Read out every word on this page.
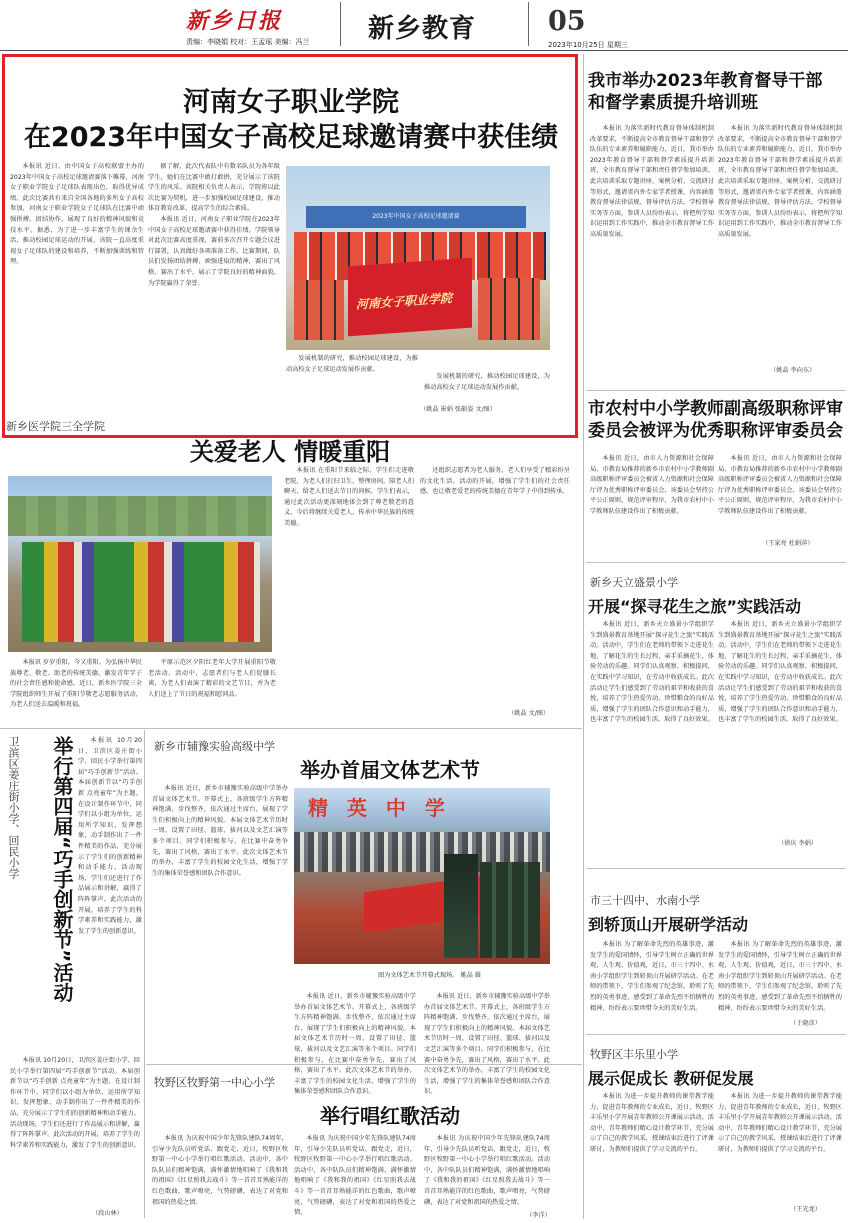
新乡日报
责编：李晓娟 校对：王孟瑶 美编：冯兰 新乡教育	05
2023年10月25日 星期三
河南女子职业学院
在2023年中国女子高校足球邀请赛中获佳绩

本报讯 近日，由中国女子高校联盟主办的2023年中国女子高校足球邀请赛落下帷幕，河南女子职业学院女子足球队表现出色，取得优异成绩。此次比赛共有来自全国各地的多所女子高校参加，河南女子职业学院女子足球队在比赛中顽强拼搏、团结协作，展现了良好的精神风貌和竞技水平。据悉，为了进一步丰富学生的课余生活，推动校园足球运动的开展，该院一直高度重视女子足球队的建设和培养，不断加强训练和管理。

据了解，此次代表队中有数名队员为各年级学生，她们在比赛中敢打敢拼，充分展示了该院学生的风采。该院相关负责人表示，学院将以此次比赛为契机，进一步加强校园足球建设，推动体育教育改革，提高学生的综合素质。

本报讯 近日，河南女子职业学院在2023年中国女子高校足球邀请赛中获得佳绩。学院领导对此次比赛高度重视，赛前多次召开专题会议进行部署，认真做好各项准备工作。比赛期间，队员们发扬团结拼搏、顽强进取的精神，赛出了风格、赛出了水平，展示了学院良好的精神面貌，为学院赢得了荣誉。

2023年中国女子高校足球邀请赛
河南女子职业学院

发展机制的研究，推动校园足球建设，为推动高校女子足球运动发展作贡献。

发展机制的研究，推动校园足球建设，为推动高校女子足球运动发展作贡献。

（姚晶 崔娟 张砺姿 文/图）
我市举办2023年教育督导干部
和督学素质提升培训班

本报讯 为落实新时代教育督导体制机制改革要求，不断提高全市教育督导干部和督学队伍的专业素养和履职能力，近日，我市举办2023年教育督导干部和督学素质提升培训班，全市教育督导干部和责任督学参加培训。此次培训采取专题讲座、案例分析、交流研讨等形式，邀请省内外专家学者授课，内容涵盖教育督导法律法规、督导评估方法、学校督导实务等方面。参训人员纷纷表示，将把所学知识运用到工作实践中，推动全市教育督导工作高质量发展。

本报讯 为落实新时代教育督导体制机制改革要求，不断提高全市教育督导干部和督学队伍的专业素养和履职能力，近日，我市举办2023年教育督导干部和督学素质提升培训班，全市教育督导干部和责任督学参加培训。此次培训采取专题讲座、案例分析、交流研讨等形式，邀请省内外专家学者授课，内容涵盖教育督导法律法规、督导评估方法、学校督导实务等方面。参训人员纷纷表示，将把所学知识运用到工作实践中，推动全市教育督导工作高质量发展。

（姚晶 李向东）
市农村中小学教师副高级职称评审
委员会被评为优秀职称评审委员会

本报讯 近日，由市人力资源和社会保障局、市教育局推荐的新乡市农村中小学教师副高级职称评审委员会被省人力资源和社会保障厅评为优秀职称评审委员会。该委员会坚持公平公正原则，规范评审程序，为我市农村中小学教师队伍建设作出了积极贡献。

本报讯 近日，由市人力资源和社会保障局、市教育局推荐的新乡市农村中小学教师副高级职称评审委员会被省人力资源和社会保障厅评为优秀职称评审委员会。该委员会坚持公平公正原则，规范评审程序，为我市农村中小学教师队伍建设作出了积极贡献。

（王家亮 杜娟萍）
新乡天立盛景小学
开展“探寻花生之旅”实践活动

本报讯 近日，新乡天立盛景小学组织学生到盛景教育基地开展“探寻花生之旅”实践活动。活动中，学生们在老师的带领下走进花生地，了解花生的生长过程，亲手采摘花生，体验劳动的乐趣。同学们认真观察、积极提问，在实践中学习知识，在劳动中收获成长。此次活动让学生们感受到了劳动的艰辛和收获的喜悦，培养了学生热爱劳动、珍惜粮食的良好品质，增强了学生的团队合作意识和动手能力，也丰富了学生的校园生活，取得了良好效果。

本报讯 近日，新乡天立盛景小学组织学生到盛景教育基地开展“探寻花生之旅”实践活动。活动中，学生们在老师的带领下走进花生地，了解花生的生长过程，亲手采摘花生，体验劳动的乐趣。同学们认真观察、积极提问，在实践中学习知识，在劳动中收获成长。此次活动让学生们感受到了劳动的艰辛和收获的喜悦，培养了学生热爱劳动、珍惜粮食的良好品质，增强了学生的团队合作意识和动手能力，也丰富了学生的校园生活，取得了良好效果。

（徐庆 李娟）
市三十四中、水南小学
到轿顶山开展研学活动

本报讯 为了解革命先烈的英雄事迹，激发学生的爱国情怀，引导学生树立正确的世界观、人生观、价值观，近日，市三十四中、水南小学组织学生到轿顶山开展研学活动。在老师的带领下，学生们参观了纪念馆，聆听了先烈的英勇事迹，感受到了革命先烈不怕牺牲的精神，纷纷表示要珍惜今天的美好生活。

本报讯 为了解革命先烈的英雄事迹，激发学生的爱国情怀，引导学生树立正确的世界观、人生观、价值观，近日，市三十四中、水南小学组织学生到轿顶山开展研学活动。在老师的带领下，学生们参观了纪念馆，聆听了先烈的英勇事迹，感受到了革命先烈不怕牺牲的精神，纷纷表示要珍惜今天的美好生活。

（于晓彦）
牧野区丰乐里小学
展示促成长 教研促发展

本报讯 为进一步提升教师的课堂教学能力，促进青年教师的专业成长，近日，牧野区丰乐里小学开展青年教师公开课展示活动。活动中，青年教师们精心设计教学环节，充分展示了自己的教学风采，授课结束后进行了评课研讨，为教师们提供了学习交流的平台。

本报讯 为进一步提升教师的课堂教学能力，促进青年教师的专业成长，近日，牧野区丰乐里小学开展青年教师公开课展示活动。活动中，青年教师们精心设计教学环节，充分展示了自己的教学风采，授课结束后进行了评课研讨，为教师们提供了学习交流的平台。

（王光龙）
新乡医学院三全学院
关爱老人 情暖重阳

本报讯 岁岁重阳，今又重阳。为弘扬中华民族尊老、敬老、助老的传统美德，激发青年学子的社会责任感和使命感，近日，新乡医学院三全学院组织师生开展了重阳节敬老志愿服务活动，为老人们送去温暖和祝福。

平原示范区夕阳红老年大学开展重阳节敬老活动。活动中，志愿者们与老人们促膝长谈，为老人们表演了精彩的文艺节目，并为老人们送上了节日的祝福和慰问品。

本报讯 在重阳节来临之际，学生们走进敬老院，为老人们打扫卫生、整理房间，陪老人们聊天，给老人们送去节日的问候。学生们表示，通过此次活动更深刻地体会到了尊老敬老的意义，今后将继续关爱老人，传承中华民族的传统美德。

还组织志愿者为老人服务，老人们享受了精彩纷呈的文化生活。活动的开展，增强了学生们的社会责任感，也让敬老爱老的传统美德在青年学子中得到传承。

（姚晶 文/图）
卫滨区姜庄街小学、回民小学	举行第四届“巧手创新节”活动	本报讯 10月20日，卫滨区姜庄街小学、回民小学举行第四届“巧手创新节”活动。本届创新节以“巧手创新 点亮童年”为主题，在设计制作环节中，同学们以小组为单位，运用所学知识，发挥想象，动手制作出了一件件精美的作品，充分展示了学生们的创新精神和动手能力。活动现场，学生们还进行了作品展示和讲解，赢得了阵阵掌声。此次活动的开展，培养了学生的科学素养和实践能力，激发了学生的创新意识。

本报讯 10月20日，卫滨区姜庄街小学、回民小学举行第四届“巧手创新节”活动。本届创新节以“巧手创新 点亮童年”为主题，在设计制作环节中，同学们以小组为单位，运用所学知识，发挥想象，动手制作出了一件件精美的作品，充分展示了学生们的创新精神和动手能力。活动现场，学生们还进行了作品展示和讲解，赢得了阵阵掌声。此次活动的开展，培养了学生的科学素养和实践能力，激发了学生的创新意识。

（段山林）
新乡市辅豫实验高级中学
举办首届文体艺术节

本报讯 近日，新乡市辅豫实验高级中学举办首届文体艺术节。开幕式上，各班级学生方阵精神饱满、步伐整齐，依次通过主席台，展现了学生们积极向上的精神风貌。本届文体艺术节历时一周，设置了田径、篮球、拔河以及文艺汇演等多个项目。同学们积极参与，在比赛中奋勇争先，赛出了风格，赛出了水平。此次文体艺术节的举办，丰富了学生的校园文化生活，增强了学生的集体荣誉感和团队合作意识。

精 英 中 学
图为文体艺术节开幕式现场。 姚晶 摄

本报讯 近日，新乡市辅豫实验高级中学举办首届文体艺术节。开幕式上，各班级学生方阵精神饱满、步伐整齐，依次通过主席台，展现了学生们积极向上的精神风貌。本届文体艺术节历时一周，设置了田径、篮球、拔河以及文艺汇演等多个项目。同学们积极参与，在比赛中奋勇争先，赛出了风格，赛出了水平。此次文体艺术节的举办，丰富了学生的校园文化生活，增强了学生的集体荣誉感和团队合作意识。

本报讯 近日，新乡市辅豫实验高级中学举办首届文体艺术节。开幕式上，各班级学生方阵精神饱满、步伐整齐，依次通过主席台，展现了学生们积极向上的精神风貌。本届文体艺术节历时一周，设置了田径、篮球、拔河以及文艺汇演等多个项目。同学们积极参与，在比赛中奋勇争先，赛出了风格，赛出了水平。此次文体艺术节的举办，丰富了学生的校园文化生活，增强了学生的集体荣誉感和团队合作意识。

牧野区牧野第一中心小学
举行唱红歌活动

本报讯 为庆祝中国少年先锋队建队74周年，引导少先队员听党话、跟党走，近日，牧野区牧野第一中心小学举行唱红歌活动。活动中，各中队队员们精神饱满，满怀激情地唱响了《我和我的祖国》《红星照我去战斗》等一首首耳熟能详的红色歌曲，歌声嘹亮，气势磅礴，表达了对党和祖国的热爱之情。

本报讯 为庆祝中国少年先锋队建队74周年，引导少先队员听党话、跟党走，近日，牧野区牧野第一中心小学举行唱红歌活动。活动中，各中队队员们精神饱满，满怀激情地唱响了《我和我的祖国》《红星照我去战斗》等一首首耳熟能详的红色歌曲，歌声嘹亮，气势磅礴，表达了对党和祖国的热爱之情。

本报讯 为庆祝中国少年先锋队建队74周年，引导少先队员听党话、跟党走，近日，牧野区牧野第一中心小学举行唱红歌活动。活动中，各中队队员们精神饱满，满怀激情地唱响了《我和我的祖国》《红星照我去战斗》等一首首耳熟能详的红色歌曲，歌声嘹亮，气势磅礴，表达了对党和祖国的热爱之情。

（李洋）
